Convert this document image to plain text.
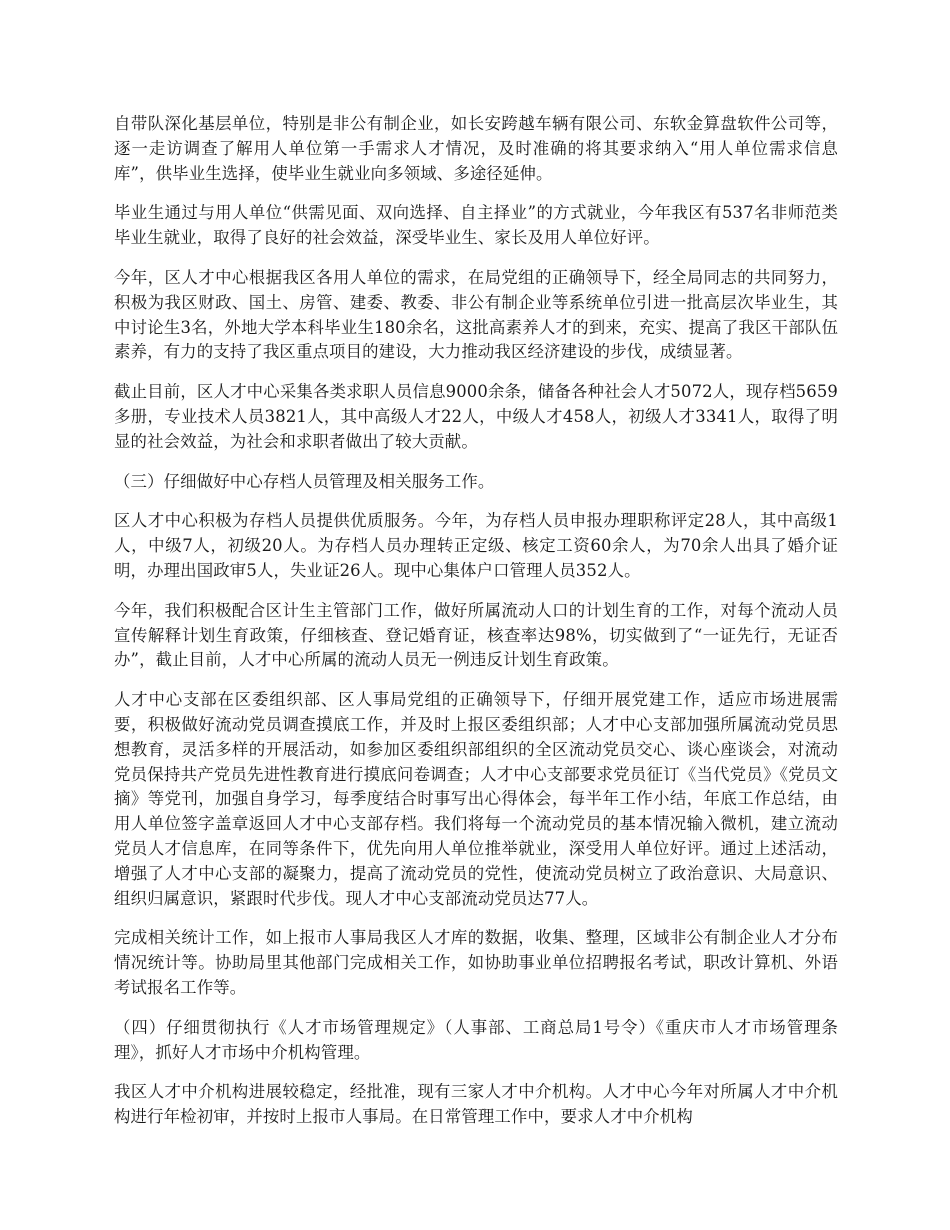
自带队深化基层单位，特别是非公有制企业，如长安跨越车辆有限公司、东软金算盘软件公司等，逐一走访调查了解用人单位第一手需求人才情况，及时准确的将其要求纳入“用人单位需求信息库”，供毕业生选择，使毕业生就业向多领域、多途径延伸。

毕业生通过与用人单位“供需见面、双向选择、自主择业”的方式就业，今年我区有537名非师范类毕业生就业，取得了良好的社会效益，深受毕业生、家长及用人单位好评。

今年，区人才中心根据我区各用人单位的需求，在局党组的正确领导下，经全局同志的共同努力，积极为我区财政、国土、房管、建委、教委、非公有制企业等系统单位引进一批高层次毕业生，其中讨论生3名，外地大学本科毕业生180余名，这批高素养人才的到来，充实、提高了我区干部队伍素养，有力的支持了我区重点项目的建设，大力推动我区经济建设的步伐，成绩显著。

截止目前，区人才中心采集各类求职人员信息9000余条，储备各种社会人才5072人，现存档5659多册，专业技术人员3821人，其中高级人才22人，中级人才458人，初级人才3341人，取得了明显的社会效益，为社会和求职者做出了较大贡献。

（三）仔细做好中心存档人员管理及相关服务工作。

区人才中心积极为存档人员提供优质服务。今年，为存档人员申报办理职称评定28人，其中高级1人，中级7人，初级20人。为存档人员办理转正定级、核定工资60余人，为70余人出具了婚介证明，办理出国政审5人，失业证26人。现中心集体户口管理人员352人。

今年，我们积极配合区计生主管部门工作，做好所属流动人口的计划生育的工作，对每个流动人员宣传解释计划生育政策，仔细核查、登记婚育证，核查率达98%，切实做到了“一证先行，无证否办”，截止目前，人才中心所属的流动人员无一例违反计划生育政策。

人才中心支部在区委组织部、区人事局党组的正确领导下，仔细开展党建工作，适应市场进展需要，积极做好流动党员调查摸底工作，并及时上报区委组织部；人才中心支部加强所属流动党员思想教育，灵活多样的开展活动，如参加区委组织部组织的全区流动党员交心、谈心座谈会，对流动党员保持共产党员先进性教育进行摸底问卷调查；人才中心支部要求党员征订《当代党员》《党员文摘》等党刊，加强自身学习，每季度结合时事写出心得体会，每半年工作小结，年底工作总结，由用人单位签字盖章返回人才中心支部存档。我们将每一个流动党员的基本情况输入微机，建立流动党员人才信息库，在同等条件下，优先向用人单位推举就业，深受用人单位好评。通过上述活动，增强了人才中心支部的凝聚力，提高了流动党员的党性，使流动党员树立了政治意识、大局意识、组织归属意识，紧跟时代步伐。现人才中心支部流动党员达77人。

完成相关统计工作，如上报市人事局我区人才库的数据，收集、整理，区域非公有制企业人才分布情况统计等。协助局里其他部门完成相关工作，如协助事业单位招聘报名考试，职改计算机、外语考试报名工作等。

（四）仔细贯彻执行《人才市场管理规定》（人事部、工商总局1号令）《重庆市人才市场管理条理》，抓好人才市场中介机构管理。

我区人才中介机构进展较稳定，经批准，现有三家人才中介机构。人才中心今年对所属人才中介机构进行年检初审，并按时上报市人事局。在日常管理工作中，要求人才中介机构
